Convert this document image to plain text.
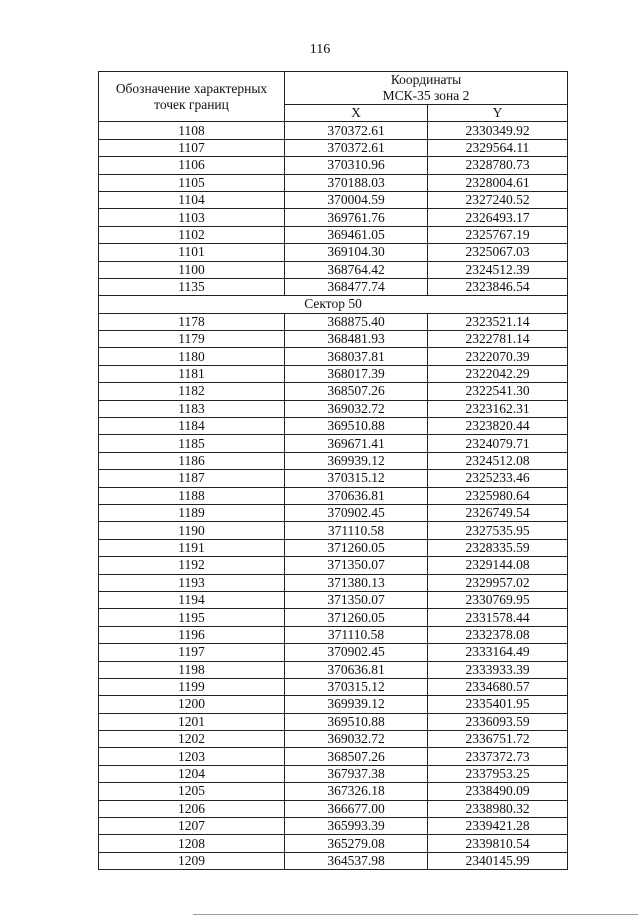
116
Обозначение характерных точек границ	Координаты
МСК-35 зона 2	

	X	Y
1108	370372.61	2330349.92
1107	370372.61	2329564.11
1106	370310.96	2328780.73
1105	370188.03	2328004.61
1104	370004.59	2327240.52
1103	369761.76	2326493.17
1102	369461.05	2325767.19
1101	369104.30	2325067.03
1100	368764.42	2324512.39
1135	368477.74	2323846.54
Сектор 50		
1178	368875.40	2323521.14
1179	368481.93	2322781.14
1180	368037.81	2322070.39
1181	368017.39	2322042.29
1182	368507.26	2322541.30
1183	369032.72	2323162.31
1184	369510.88	2323820.44
1185	369671.41	2324079.71
1186	369939.12	2324512.08
1187	370315.12	2325233.46
1188	370636.81	2325980.64
1189	370902.45	2326749.54
1190	371110.58	2327535.95
1191	371260.05	2328335.59
1192	371350.07	2329144.08
1193	371380.13	2329957.02
1194	371350.07	2330769.95
1195	371260.05	2331578.44
1196	371110.58	2332378.08
1197	370902.45	2333164.49
1198	370636.81	2333933.39
1199	370315.12	2334680.57
1200	369939.12	2335401.95
1201	369510.88	2336093.59
1202	369032.72	2336751.72
1203	368507.26	2337372.73
1204	367937.38	2337953.25
1205	367326.18	2338490.09
1206	366677.00	2338980.32
1207	365993.39	2339421.28
1208	365279.08	2339810.54
1209	364537.98	2340145.99
